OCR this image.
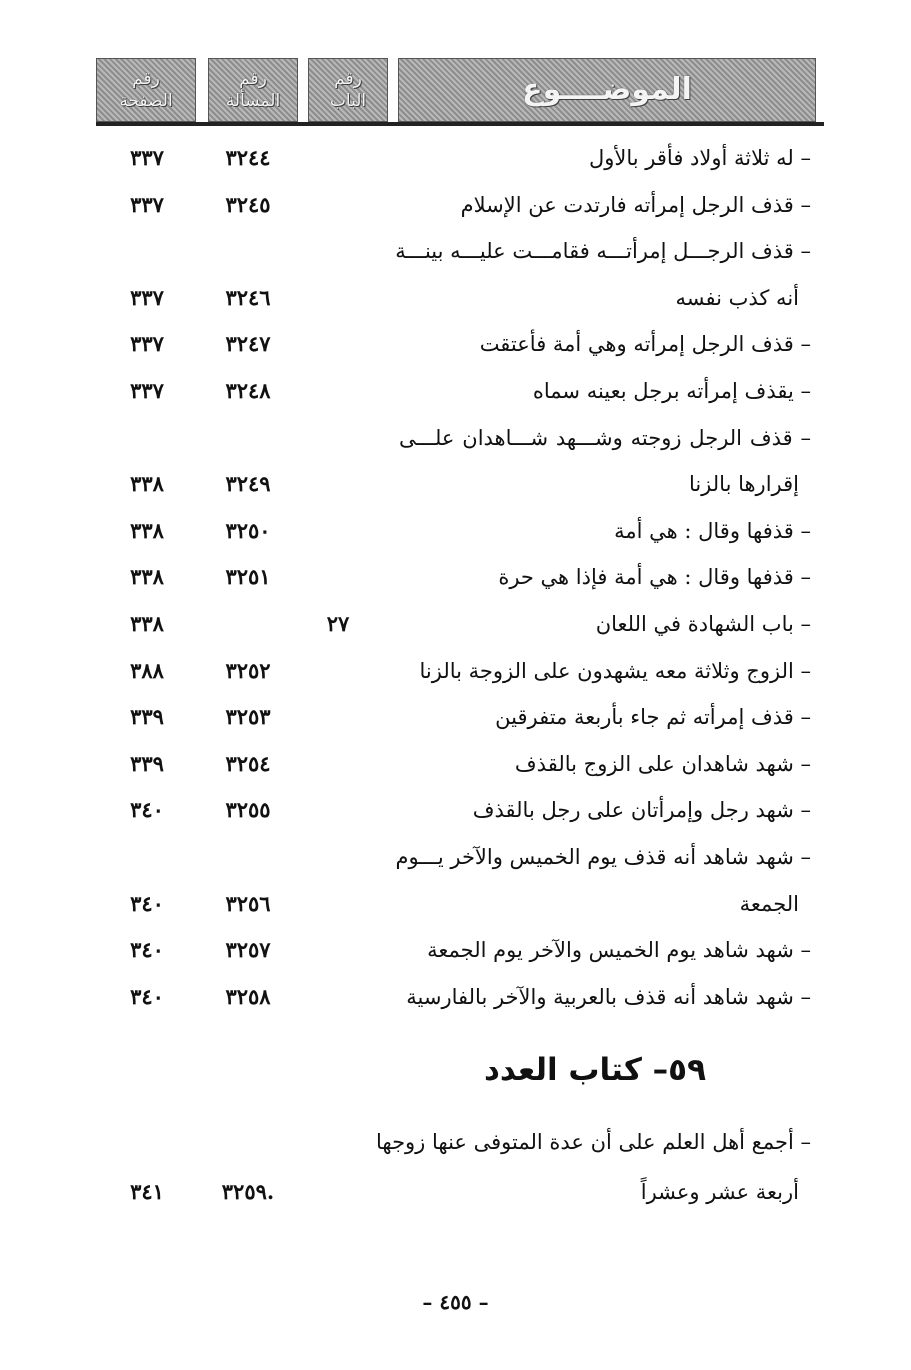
رقم
الصفحة
رقم
المسألة
رقم
الباب	الموضــــوع
– له ثلاثة أولاد فأقر بالأول
٣٢٤٤
٣٣٧
– قذف الرجل إمرأته فارتدت عن الإسلام
٣٢٤٥
٣٣٧
– قذف الرجـــل إمرأتـــه فقامـــت عليـــه بينـــة
أنه كذب نفسه
٣٢٤٦
٣٣٧
– قذف الرجل إمرأته وهي أمة فأعتقت
٣٢٤٧
٣٣٧
– يقذف إمرأته برجل بعينه سماه
٣٢٤٨
٣٣٧
– قذف الرجل زوجته وشـــهد شـــاهدان علـــى
إقرارها بالزنا
٣٢٤٩
٣٣٨
– قذفها وقال : هي أمة
٣٢٥٠
٣٣٨
– قذفها وقال : هي أمة فإذا هي حرة
٣٢٥١
٣٣٨
– باب الشهادة في اللعان
٢٧
٣٣٨
– الزوج وثلاثة معه يشهدون على الزوجة بالزنا
٣٢٥٢
٣٨٨
– قذف إمرأته ثم جاء بأربعة متفرقين
٣٢٥٣
٣٣٩
– شهد شاهدان على الزوج بالقذف
٣٢٥٤
٣٣٩
– شهد رجل وإمرأتان على رجل بالقذف
٣٢٥٥
٣٤٠
– شهد شاهد أنه قذف يوم الخميس والآخر يـــوم
الجمعة
٣٢٥٦
٣٤٠
– شهد شاهد يوم الخميس والآخر يوم الجمعة
٣٢٥٧
٣٤٠
– شهد شاهد أنه قذف بالعربية والآخر بالفارسية
٣٢٥٨
٣٤٠
٥٩– كتاب العدد
– أجمع أهل العلم على أن عدة المتوفى عنها زوجها
أربعة عشر وعشراً
٣٢٥٩.
٣٤١
– ٤٥٥ –
